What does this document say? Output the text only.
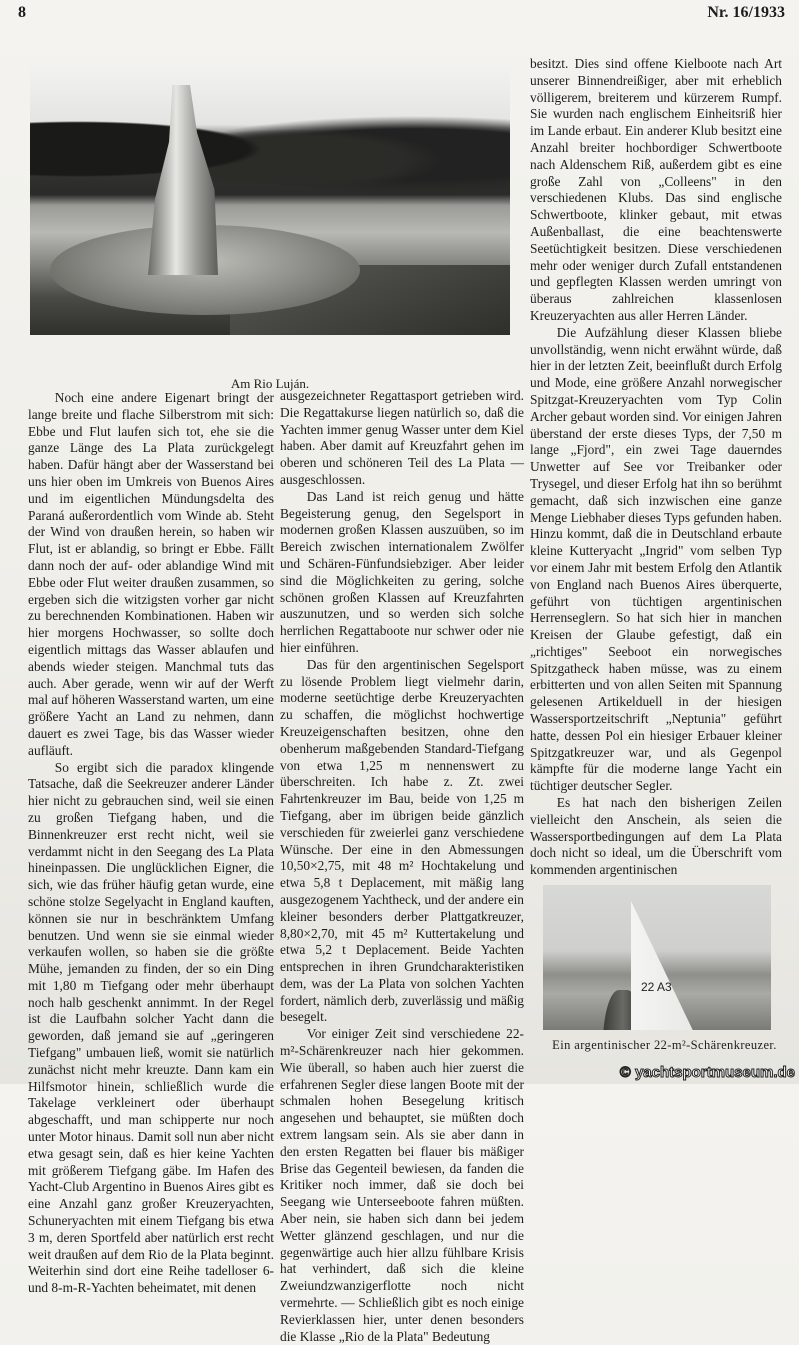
8	Nr. 16/1933
Am Rio Luján.

Noch eine andere Eigenart bringt der lange breite und flache Silberstrom mit sich: Ebbe und Flut laufen sich tot, ehe sie die ganze Länge des La Plata zurückgelegt haben. Dafür hängt aber der Wasserstand bei uns hier oben im Umkreis von Buenos Aires und im eigentlichen Mündungsdelta des Paraná außerordentlich vom Winde ab. Steht der Wind von draußen herein, so haben wir Flut, ist er ablandig, so bringt er Ebbe. Fällt dann noch der auf- oder ablandige Wind mit Ebbe oder Flut weiter draußen zusammen, so ergeben sich die witzigsten vorher gar nicht zu berechnenden Kombinationen. Haben wir hier morgens Hochwasser, so sollte doch eigentlich mittags das Wasser ablaufen und abends wieder steigen. Manchmal tuts das auch. Aber gerade, wenn wir auf der Werft mal auf höheren Wasserstand warten, um eine größere Yacht an Land zu nehmen, dann dauert es zwei Tage, bis das Wasser wieder aufläuft.

So ergibt sich die paradox klingende Tatsache, daß die Seekreuzer anderer Länder hier nicht zu gebrauchen sind, weil sie einen zu großen Tiefgang haben, und die Binnenkreuzer erst recht nicht, weil sie verdammt nicht in den Seegang des La Plata hineinpassen. Die unglücklichen Eigner, die sich, wie das früher häufig getan wurde, eine schöne stolze Segelyacht in England kauften, können sie nur in beschränktem Umfang benutzen. Und wenn sie sie einmal wieder verkaufen wollen, so haben sie die größte Mühe, jemanden zu finden, der so ein Ding mit 1,80 m Tiefgang oder mehr überhaupt noch halb geschenkt annimmt. In der Regel ist die Laufbahn solcher Yacht dann die geworden, daß jemand sie auf „geringeren Tiefgang" umbauen ließ, womit sie natürlich zunächst nicht mehr kreuzte. Dann kam ein Hilfsmotor hinein, schließlich wurde die Takelage verkleinert oder überhaupt abgeschafft, und man schipperte nur noch unter Motor hinaus. Damit soll nun aber nicht etwa gesagt sein, daß es hier keine Yachten mit größerem Tiefgang gäbe. Im Hafen des Yacht-Club Argentino in Buenos Aires gibt es eine Anzahl ganz großer Kreuzeryachten, Schuneryachten mit einem Tiefgang bis etwa 3 m, deren Sportfeld aber natürlich erst recht weit draußen auf dem Rio de la Plata beginnt. Weiterhin sind dort eine Reihe tadelloser 6- und 8-m-R-Yachten beheimatet, mit denen

ausgezeichneter Regattasport getrieben wird. Die Regattakurse liegen natürlich so, daß die Yachten immer genug Wasser unter dem Kiel haben. Aber damit auf Kreuzfahrt gehen im oberen und schöneren Teil des La Plata — ausgeschlossen.

Das Land ist reich genug und hätte Begeisterung genug, den Segelsport in modernen großen Klassen auszuüben, so im Bereich zwischen internationalem Zwölfer und Schären-Fünfundsiebziger. Aber leider sind die Möglichkeiten zu gering, solche schönen großen Klassen auf Kreuzfahrten auszunutzen, und so werden sich solche herrlichen Regattaboote nur schwer oder nie hier einführen.

Das für den argentinischen Segelsport zu lösende Problem liegt vielmehr darin, moderne seetüchtige derbe Kreuzeryachten zu schaffen, die möglichst hochwertige Kreuzeigenschaften besitzen, ohne den obenherum maßgebenden Standard-Tiefgang von etwa 1,25 m nennenswert zu überschreiten. Ich habe z. Zt. zwei Fahrtenkreuzer im Bau, beide von 1,25 m Tiefgang, aber im übrigen beide gänzlich verschieden für zweierlei ganz verschiedene Wünsche. Der eine in den Abmessungen 10,50×2,75, mit 48 m² Hochtakelung und etwa 5,8 t Deplacement, mit mäßig lang ausgezogenem Yachtheck, und der andere ein kleiner besonders derber Plattgatkreuzer, 8,80×2,70, mit 45 m² Kuttertakelung und etwa 5,2 t Deplacement. Beide Yachten entsprechen in ihren Grundcharakteristiken dem, was der La Plata von solchen Yachten fordert, nämlich derb, zuverlässig und mäßig besegelt.

Vor einiger Zeit sind verschiedene 22-m²-Schärenkreuzer nach hier gekommen. Wie überall, so haben auch hier zuerst die erfahrenen Segler diese langen Boote mit der schmalen hohen Besegelung kritisch angesehen und behauptet, sie müßten doch extrem langsam sein. Als sie aber dann in den ersten Regatten bei flauer bis mäßiger Brise das Gegenteil bewiesen, da fanden die Kritiker noch immer, daß sie doch bei Seegang wie Unterseeboote fahren müßten. Aber nein, sie haben sich dann bei jedem Wetter glänzend geschlagen, und nur die gegenwärtige auch hier allzu fühlbare Krisis hat verhindert, daß sich die kleine Zweiundzwanzigerflotte noch nicht vermehrte. — Schließlich gibt es noch einige Revierklassen hier, unter denen besonders die Klasse „Rio de la Plata" Bedeutung

besitzt. Dies sind offene Kielboote nach Art unserer Binnendreißiger, aber mit erheblich völligerem, breiterem und kürzerem Rumpf. Sie wurden nach englischem Einheitsriß hier im Lande erbaut. Ein anderer Klub besitzt eine Anzahl breiter hochbordiger Schwertboote nach Aldenschem Riß, außerdem gibt es eine große Zahl von „Colleens" in den verschiedenen Klubs. Das sind englische Schwertboote, klinker gebaut, mit etwas Außenballast, die eine beachtenswerte Seetüchtigkeit besitzen. Diese verschiedenen mehr oder weniger durch Zufall entstandenen und gepflegten Klassen werden umringt von überaus zahlreichen klassenlosen Kreuzeryachten aus aller Herren Länder.

Die Aufzählung dieser Klassen bliebe unvollständig, wenn nicht erwähnt würde, daß hier in der letzten Zeit, beeinflußt durch Erfolg und Mode, eine größere Anzahl norwegischer Spitzgat-Kreuzeryachten vom Typ Colin Archer gebaut worden sind. Vor einigen Jahren überstand der erste dieses Typs, der 7,50 m lange „Fjord", ein zwei Tage dauerndes Unwetter auf See vor Treibanker oder Trysegel, und dieser Erfolg hat ihn so berühmt gemacht, daß sich inzwischen eine ganze Menge Liebhaber dieses Typs gefunden haben. Hinzu kommt, daß die in Deutschland erbaute kleine Kutteryacht „Ingrid" vom selben Typ vor einem Jahr mit bestem Erfolg den Atlantik von England nach Buenos Aires überquerte, geführt von tüchtigen argentinischen Herrenseglern. So hat sich hier in manchen Kreisen der Glaube gefestigt, daß ein „richtiges" Seeboot ein norwegisches Spitzgatheck haben müsse, was zu einem erbitterten und von allen Seiten mit Spannung gelesenen Artikelduell in der hiesigen Wassersportzeitschrift „Neptunia" geführt hatte, dessen Pol ein hiesiger Erbauer kleiner Spitzgatkreuzer war, und als Gegenpol kämpfte für die moderne lange Yacht ein tüchtiger deutscher Segler.

Es hat nach den bisherigen Zeilen vielleicht den Anschein, als seien die Wassersportbedingungen auf dem La Plata doch nicht so ideal, um die Überschrift vom kommenden argentinischen

22 A3
Ein argentinischer 22-m²-Schärenkreuzer.
© yachtsportmuseum.de
